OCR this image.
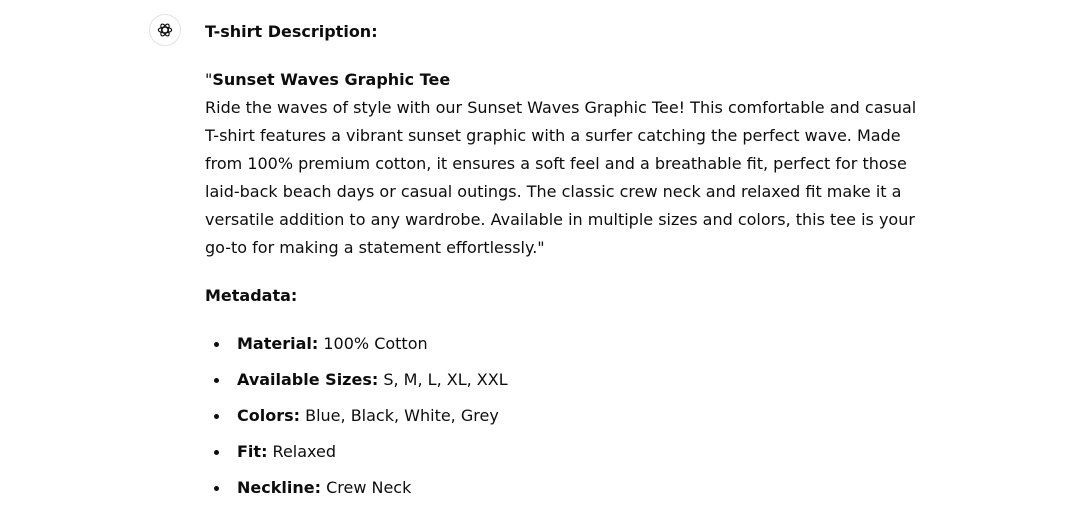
T-shirt Description:

"Sunset Waves Graphic Tee
Ride the waves of style with our Sunset Waves Graphic Tee! This comfortable and casual T-shirt features a vibrant sunset graphic with a surfer catching the perfect wave. Made from 100% premium cotton, it ensures a soft feel and a breathable fit, perfect for those laid-back beach days or casual outings. The classic crew neck and relaxed fit make it a versatile addition to any wardrobe. Available in multiple sizes and colors, this tee is your go-to for making a statement effortlessly."

Metadata:

Material: 100% Cotton
Available Sizes: S, M, L, XL, XXL
Colors: Blue, Black, White, Grey
Fit: Relaxed
Neckline: Crew Neck
